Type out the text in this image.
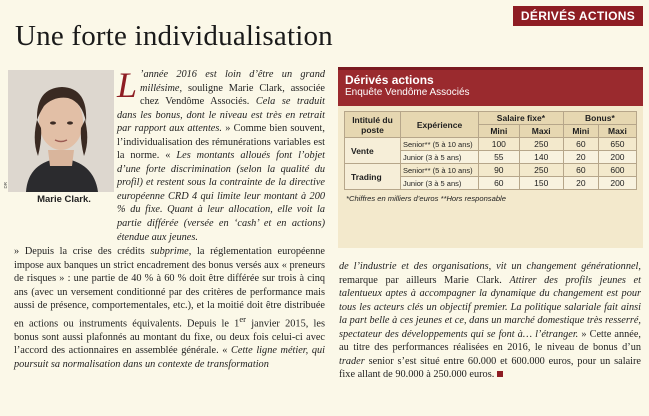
DÉRIVÉS ACTIONS
Une forte individualisation
DR
Marie Clark.
L ’année 2016 est loin d’être un grand millésime, souligne Marie Clark, associée chez Vendôme Associés. Cela se traduit dans les bonus, dont le niveau est très en retrait par rapport aux attentes. » Comme bien souvent, l’individualisation des rémunérations variables est la norme. « Les montants alloués font l’objet d’une forte discrimination (selon la qualité du profil) et restent sous la contrainte de la directive européenne CRD 4 qui limite leur montant à 200 % du fixe. Quant à leur allocation, elle voit la partie différée (versée en ‘cash’ et en actions) étendue aux jeunes.
» Depuis la crise des crédits subprime, la réglementation européenne impose aux banques un strict encadrement des bonus versés aux « preneurs de risques » : une partie de 40 % à 60 % doit être différée sur trois à cinq ans (avec un versement conditionné par des critères de performance mais aussi de présence, comportementales, etc.), et la moitié doit être distribuée en actions ou instruments équivalents. Depuis le 1er janvier 2015, les bonus sont aussi plafonnés au montant du fixe, ou deux fois celui-ci avec l’accord des actionnaires en assemblée générale. « Cette ligne métier, qui poursuit sa normalisation dans un contexte de transformation
Dérivés actions
Enquête Vendôme Associés
Intitulé du poste	Expérience	Salaire fixe*		Bonus*	
		Mini	Maxi	Mini	Maxi
Vente	Senior** (5 à 10 ans)	100	250	60	650
	Junior (3 à 5 ans)	55	140	20	200
Trading	Senior** (5 à 10 ans)	90	250	60	600
	Junior (3 à 5 ans)	60	150	20	200
*Chiffres en milliers d’euros **Hors responsable
de l’industrie et des organisations, vit un changement générationnel, remarque par ailleurs Marie Clark. Attirer des profils jeunes et talentueux aptes à accompagner la dynamique du changement est pour tous les acteurs clés un objectif premier. La politique salariale fait ainsi la part belle à ces jeunes et ce, dans un marché domestique très resserré, spectateur des développements qui se font à… l’étranger. » Cette année, au titre des performances réalisées en 2016, le niveau de bonus d’un trader senior s’est situé entre 60.000 et 600.000 euros, pour un salaire fixe allant de 90.000 à 250.000 euros.
